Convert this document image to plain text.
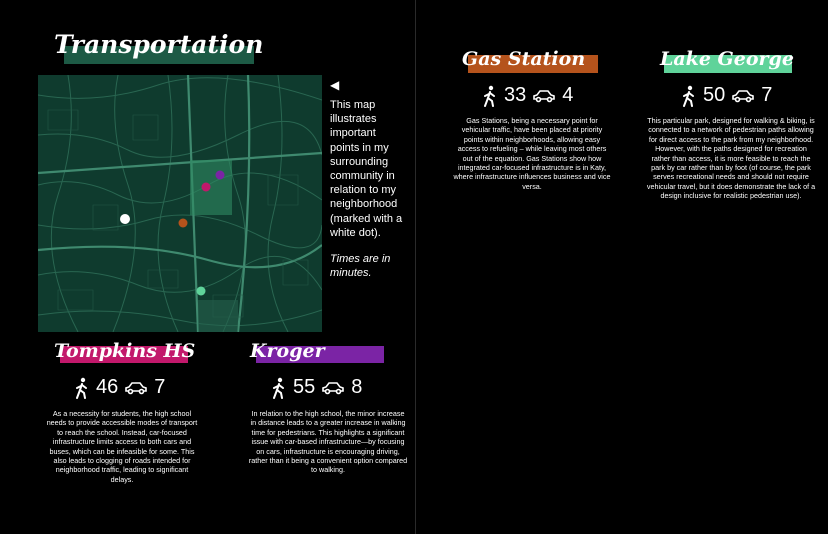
Transportation
◀

This map illustrates important points in my surrounding community in relation to my neighborhood (marked with a white dot).

Times are in minutes.

Gas Station
33 4
Gas Stations, being a necessary point for vehicular traffic, have been placed at priority points within neighborhoods, allowing easy access to refueling – while leaving most others out of the equation. Gas Stations show how integrated car-focused infrastructure is in Katy, where infrastructure influences business and vice versa.
Lake George
50 7
This particular park, designed for walking & biking, is connected to a network of pedestrian paths allowing for direct access to the park from my neighborhood. However, with the paths designed for recreation rather than access, it is more feasible to reach the park by car rather than by foot (of course, the park serves recreational needs and should not require vehicular travel, but it does demonstrate the lack of a design inclusive for realistic pedestrian use).
Tompkins HS
46 7
As a necessity for students, the high school needs to provide accessible modes of transport to reach the school. Instead, car-focused infrastructure limits access to both cars and buses, which can be infeasible for some. This also leads to clogging of roads intended for neighborhood traffic, leading to significant delays.
Kroger
55 8
In relation to the high school, the minor increase in distance leads to a greater increase in walking time for pedestrians. This highlights a significant issue with car-based infrastructure—by focusing on cars, infrastructure is encouraging driving, rather than it being a convenient option compared to walking.
